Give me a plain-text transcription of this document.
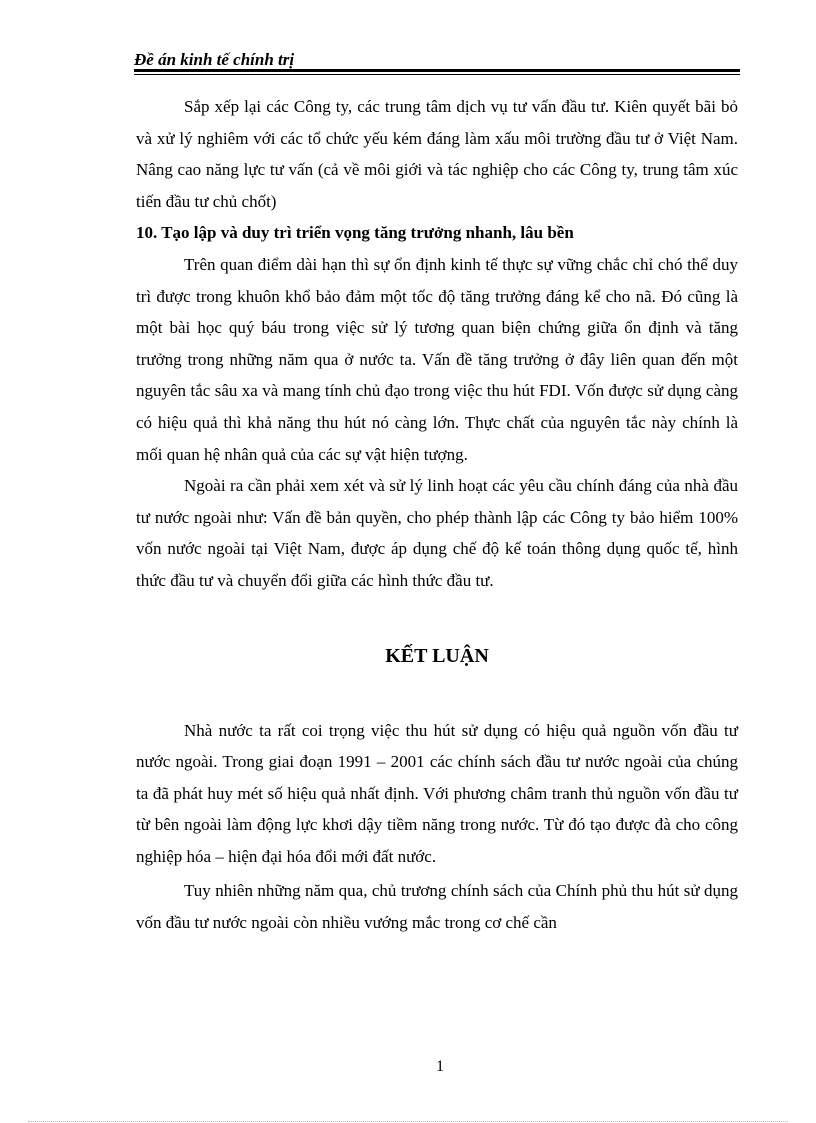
Đề án kinh tế chính trị

Sắp xếp lại các Công ty, các trung tâm dịch vụ tư vấn đầu tư. Kiên quyết bãi bỏ và xử lý nghiêm với các tổ chức yếu kém đáng làm xấu môi trường đầu tư ở Việt Nam. Nâng cao năng lực tư vấn (cả về môi giới và tác nghiệp cho các Công ty, trung tâm xúc tiến đầu tư chủ chốt)

10. Tạo lập và duy trì triển vọng tăng trưởng nhanh, lâu bền

Trên quan điểm dài hạn thì sự ổn định kinh tế thực sự vững chắc chỉ chó thể duy trì được trong khuôn khổ bảo đảm một tốc độ tăng trưởng đáng kể cho nã. Đó cũng là một bài học quý báu trong việc sử lý tương quan biện chứng giữa ổn định và tăng trưởng trong những năm qua ở nước ta. Vấn đề tăng trưởng ở đây liên quan đến một nguyên tắc sâu xa và mang tính chủ đạo trong việc thu hút FDI. Vốn được sử dụng càng có hiệu quả thì khả năng thu hút nó càng lớn. Thực chất của nguyên tắc này chính là mối quan hệ nhân quả của các sự vật hiện tượng.

Ngoài ra cần phải xem xét và sử lý linh hoạt các yêu cầu chính đáng của nhà đầu tư nước ngoài như: Vấn đề bản quyền, cho phép thành lập các Công ty bảo hiểm 100% vốn nước ngoài tại Việt Nam, được áp dụng chế độ kế toán thông dụng quốc tế, hình thức đầu tư và chuyển đổi giữa các hình thức đầu tư.

KẾT LUẬN

Nhà nước ta rất coi trọng việc thu hút sử dụng có hiệu quả nguồn vốn đầu tư nước ngoài. Trong giai đoạn 1991 – 2001 các chính sách đầu tư nước ngoài của chúng ta đã phát huy mét số hiệu quả nhất định. Với phương châm tranh thủ nguồn vốn đầu tư từ bên ngoài làm động lực khơi dậy tiềm năng trong nước. Từ đó tạo được đà cho công nghiệp hóa – hiện đại hóa đổi mới đất nước.

Tuy nhiên những năm qua, chủ trương chính sách của Chính phủ thu hút sử dụng vốn đầu tư nước ngoài còn nhiều vướng mắc trong cơ chế cần

1
